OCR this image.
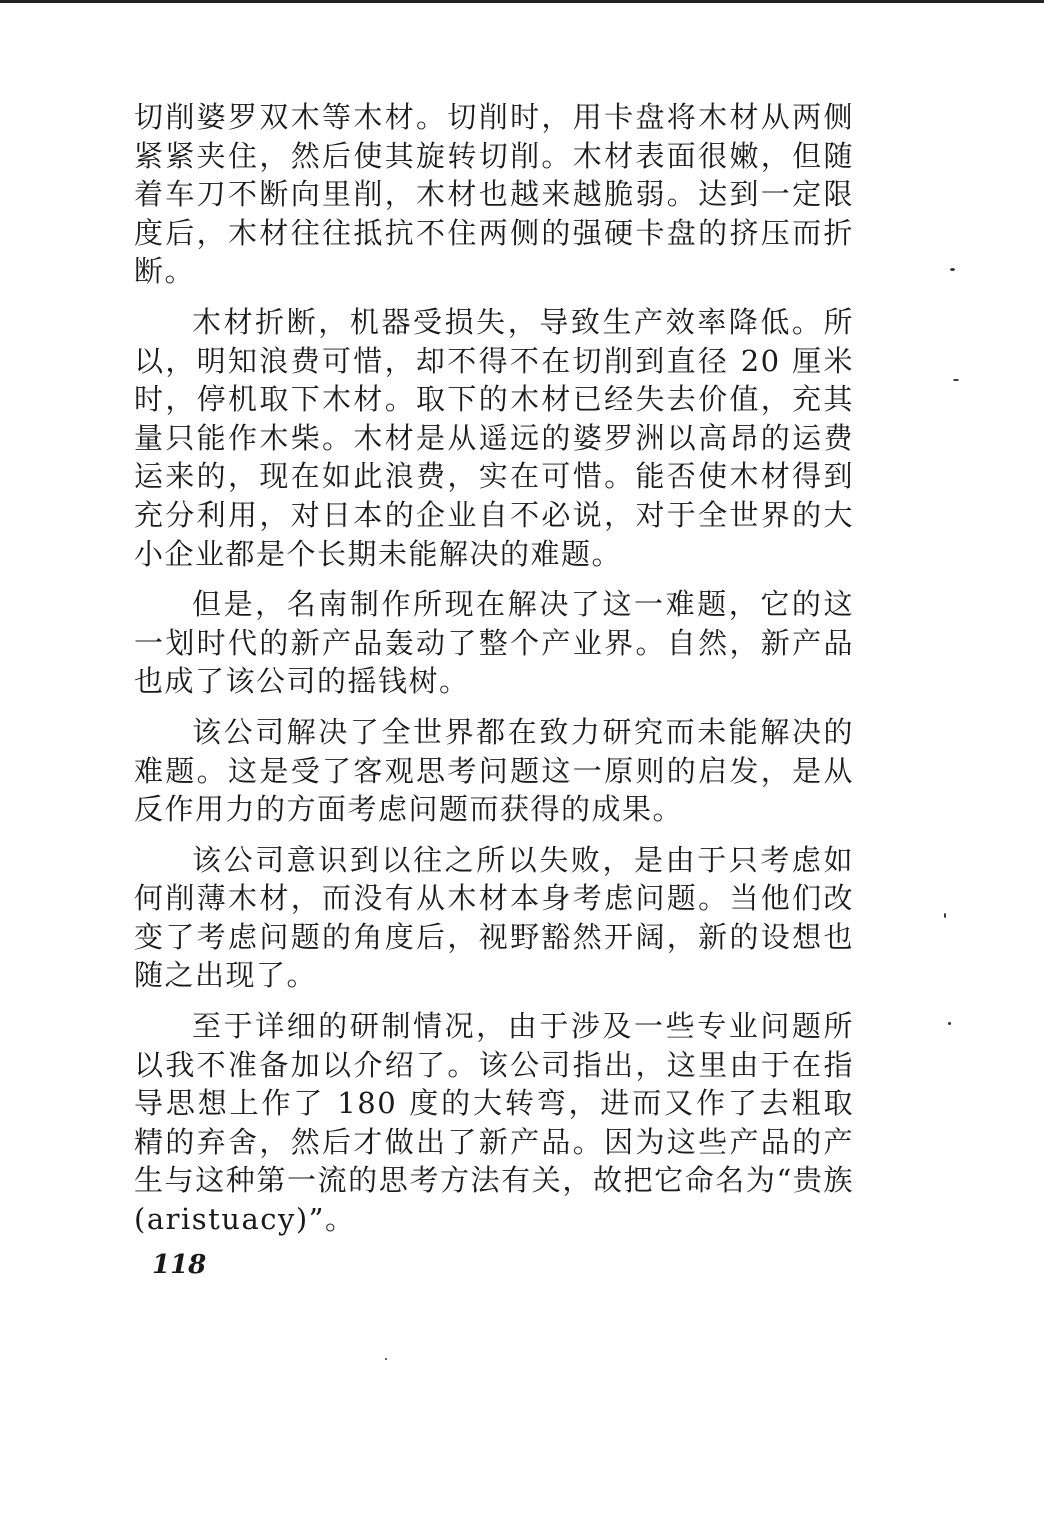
切削婆罗双木等木材。切削时，用卡盘将木材从两侧紧紧夹住，然后使其旋转切削。木材表面很嫩，但随着车刀不断向里削，木材也越来越脆弱。达到一定限度后，木材往往抵抗不住两侧的强硬卡盘的挤压而折断。

木材折断，机器受损失，导致生产效率降低。所以，明知浪费可惜，却不得不在切削到直径 20 厘米时，停机取下木材。取下的木材已经失去价值，充其量只能作木柴。木材是从遥远的婆罗洲以高昂的运费运来的，现在如此浪费，实在可惜。能否使木材得到充分利用，对日本的企业自不必说，对于全世界的大小企业都是个长期未能解决的难题。

但是，名南制作所现在解决了这一难题，它的这一划时代的新产品轰动了整个产业界。自然，新产品也成了该公司的摇钱树。

该公司解决了全世界都在致力研究而未能解决的难题。这是受了客观思考问题这一原则的启发，是从反作用力的方面考虑问题而获得的成果。

该公司意识到以往之所以失败，是由于只考虑如何削薄木材，而没有从木材本身考虑问题。当他们改变了考虑问题的角度后，视野豁然开阔，新的设想也随之出现了。

至于详细的研制情况，由于涉及一些专业问题所以我不准备加以介绍了。该公司指出，这里由于在指导思想上作了 180 度的大转弯，进而又作了去粗取精的弃舍，然后才做出了新产品。因为这些产品的产生与这种第一流的思考方法有关，故把它命名为“贵族(aristuacy)”。

118
